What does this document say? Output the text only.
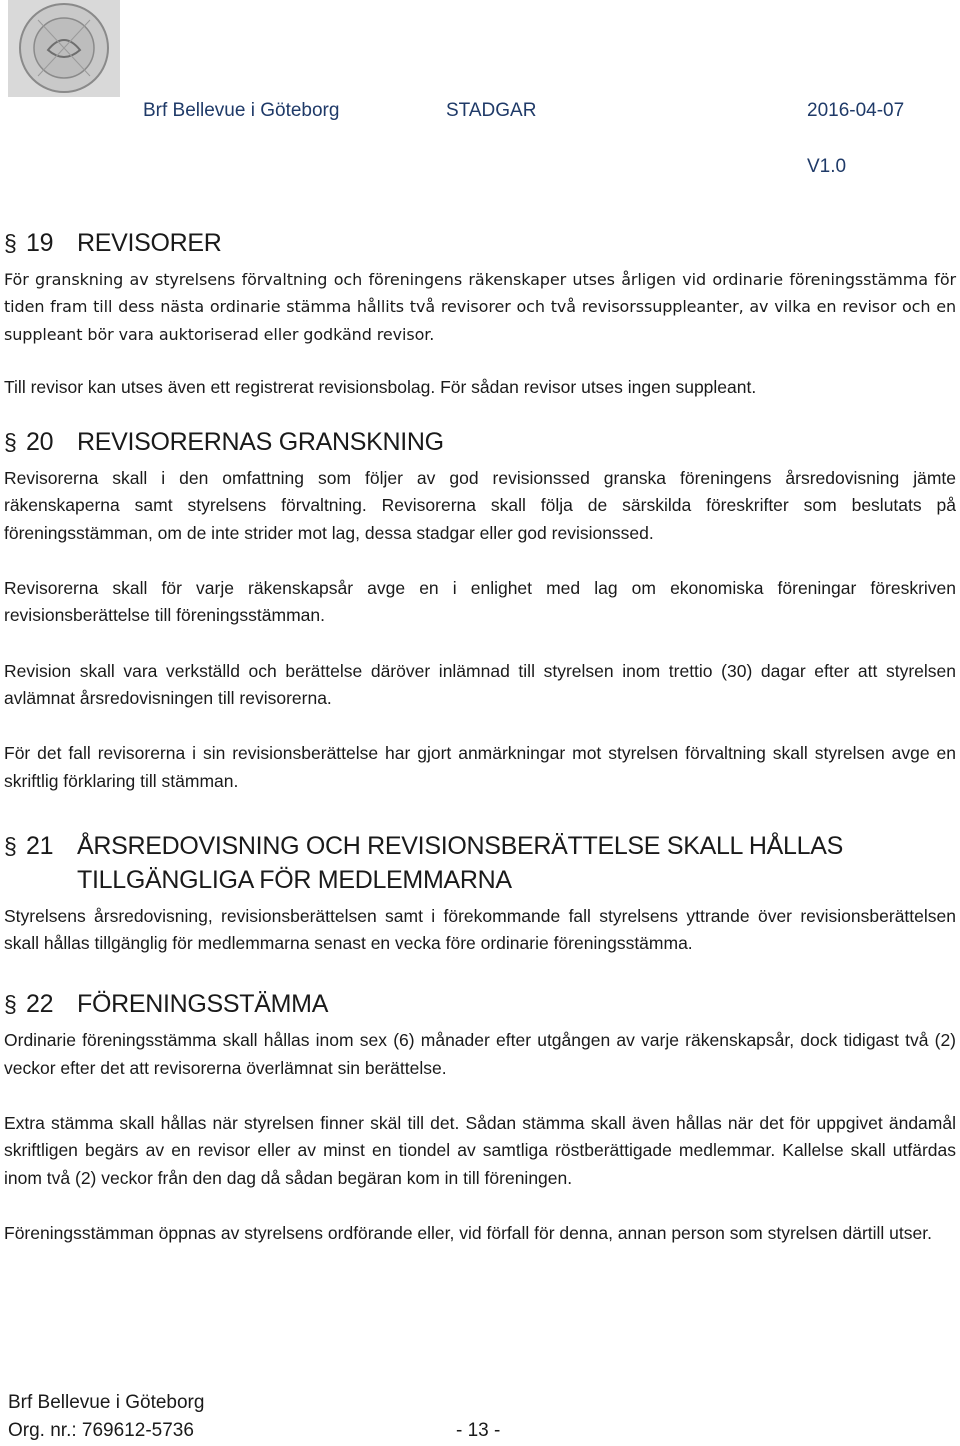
Brf Bellevue i Göteborg	STADGAR	2016-04-07
V1.0
§ 19 REVISORER

För granskning av styrelsens förvaltning och föreningens räkenskaper utses årligen vid ordinarie föreningsstämma för tiden fram till dess nästa ordinarie stämma hållits två revisorer och två revisorssuppleanter, av vilka en revisor och en suppleant bör vara auktoriserad eller godkänd revisor.

Till revisor kan utses även ett registrerat revisionsbolag. För sådan revisor utses ingen suppleant.

§ 20 REVISORERNAS GRANSKNING

Revisorerna skall i den omfattning som följer av god revisionssed granska föreningens årsredovisning jämte räkenskaperna samt styrelsens förvaltning. Revisorerna skall följa de särskilda föreskrifter som beslutats på föreningsstämman, om de inte strider mot lag, dessa stadgar eller god revisionssed.

Revisorerna skall för varje räkenskapsår avge en i enlighet med lag om ekonomiska föreningar föreskriven revisionsberättelse till föreningsstämman.

Revision skall vara verkställd och berättelse däröver inlämnad till styrelsen inom trettio (30) dagar efter att styrelsen avlämnat årsredovisningen till revisorerna.

För det fall revisorerna i sin revisionsberättelse har gjort anmärkningar mot styrelsen förvaltning skall styrelsen avge en skriftlig förklaring till stämman.

§ 21 ÅRSREDOVISNING OCH REVISIONSBERÄTTELSE SKALL HÅLLAS TILLGÄNGLIGA FÖR MEDLEMMARNA

Styrelsens årsredovisning, revisionsberättelsen samt i förekommande fall styrelsens yttrande över revisionsberättelsen skall hållas tillgänglig för medlemmarna senast en vecka före ordinarie föreningsstämma.

§ 22 FÖRENINGSSTÄMMA

Ordinarie föreningsstämma skall hållas inom sex (6) månader efter utgången av varje räkenskapsår, dock tidigast två (2) veckor efter det att revisorerna överlämnat sin berättelse.

Extra stämma skall hållas när styrelsen finner skäl till det. Sådan stämma skall även hållas när det för uppgivet ändamål skriftligen begärs av en revisor eller av minst en tiondel av samtliga röstberättigade medlemmar. Kallelse skall utfärdas inom två (2) veckor från den dag då sådan begäran kom in till föreningen.

Föreningsstämman öppnas av styrelsens ordförande eller, vid förfall för denna, annan person som styrelsen därtill utser.

Brf Bellevue i Göteborg
Org. nr.: 769612-5736	- 13 -
